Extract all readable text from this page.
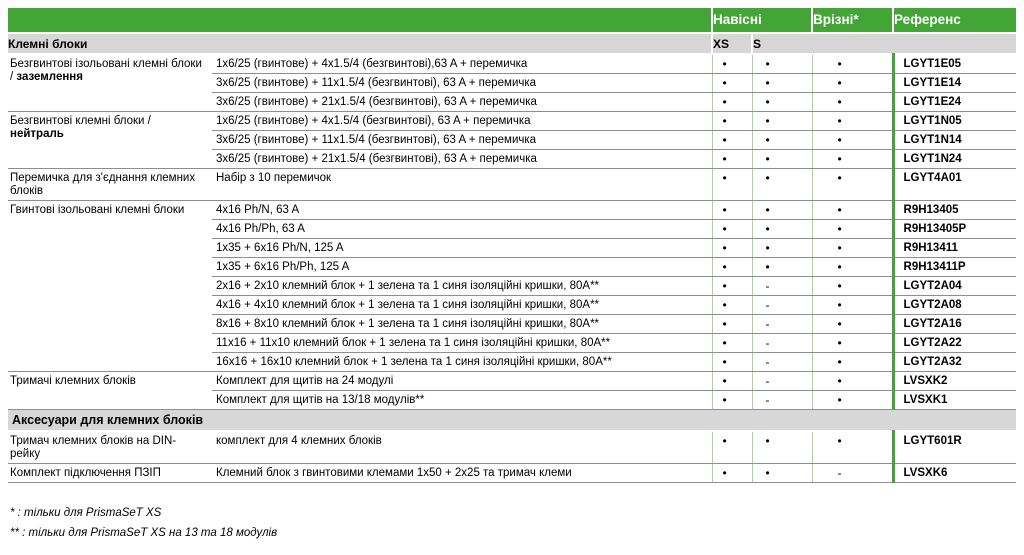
		Навісні		Врізні*	Референс
Клемні блоки		XS	S		
Безгвинтові ізольовані клемні блоки / заземлення	1x6/25 (гвинтове) + 4x1.5/4 (безгвинтові),63 A + перемичка	•	•	•	LGYT1E05
	3x6/25 (гвинтове) + 11x1.5/4 (безгвинтові), 63 A + перемичка	•	•	•	LGYT1E14
	3x6/25 (гвинтове) + 21x1.5/4 (безгвинтові), 63 A + перемичка	•	•	•	LGYT1E24
Безгвинтові клемні блоки / нейтраль	1x6/25 (гвинтове) + 4x1.5/4 (безгвинтові), 63 A + перемичка	•	•	•	LGYT1N05
	3x6/25 (гвинтове) + 11x1.5/4 (безгвинтові), 63 A + перемичка	•	•	•	LGYT1N14
	3x6/25 (гвинтове) + 21x1.5/4 (безгвинтові), 63 A + перемичка	•	•	•	LGYT1N24
Перемичка для з'єднання клемних блоків	Набір з 10 перемичок	•	•	•	LGYT4A01
Гвинтові ізольовані клемні блоки	4x16 Ph/N, 63 A	•	•	•	R9H13405
	4x16 Ph/Ph, 63 A	•	•	•	R9H13405P
	1x35 + 6x16 Ph/N, 125 A	•	•	•	R9H13411
	1x35 + 6x16 Ph/Ph, 125 A	•	•	•	R9H13411P
	2x16 + 2x10 клемний блок + 1 зелена та 1 синя ізоляційні кришки, 80A**	•	-	•	LGYT2A04
	4x16 + 4x10 клемний блок + 1 зелена та 1 синя ізоляційні кришки, 80A**	•	-	•	LGYT2A08
	8x16 + 8x10 клемний блок + 1 зелена та 1 синя ізоляційні кришки, 80A**	•	-	•	LGYT2A16
	11x16 + 11x10 клемний блок + 1 зелена та 1 синя ізоляційні кришки, 80A**	•	-	•	LGYT2A22
	16x16 + 16x10 клемний блок + 1 зелена та 1 синя ізоляційні кришки, 80A**	•	-	•	LGYT2A32
Тримачі клемних блоків	Комплект для щитів на 24 модулі	•	-	•	LVSXK2
	Комплект для щитів на 13/18 модулів**	•	-	•	LVSXK1
Аксесуари для клемних блоків					
Тримач клемних блоків на DIN-рейку	комплект для 4 клемних блоків	•	•	•	LGYT601R
Комплект підключення ПЗІП	Клемний блок з гвинтовими клемами 1x50 + 2x25 та тримач клеми	•	•	-	LVSXK6
* : тільки для PrismaSeT XS
** : тільки для PrismaSeT XS на 13 та 18 модулів
